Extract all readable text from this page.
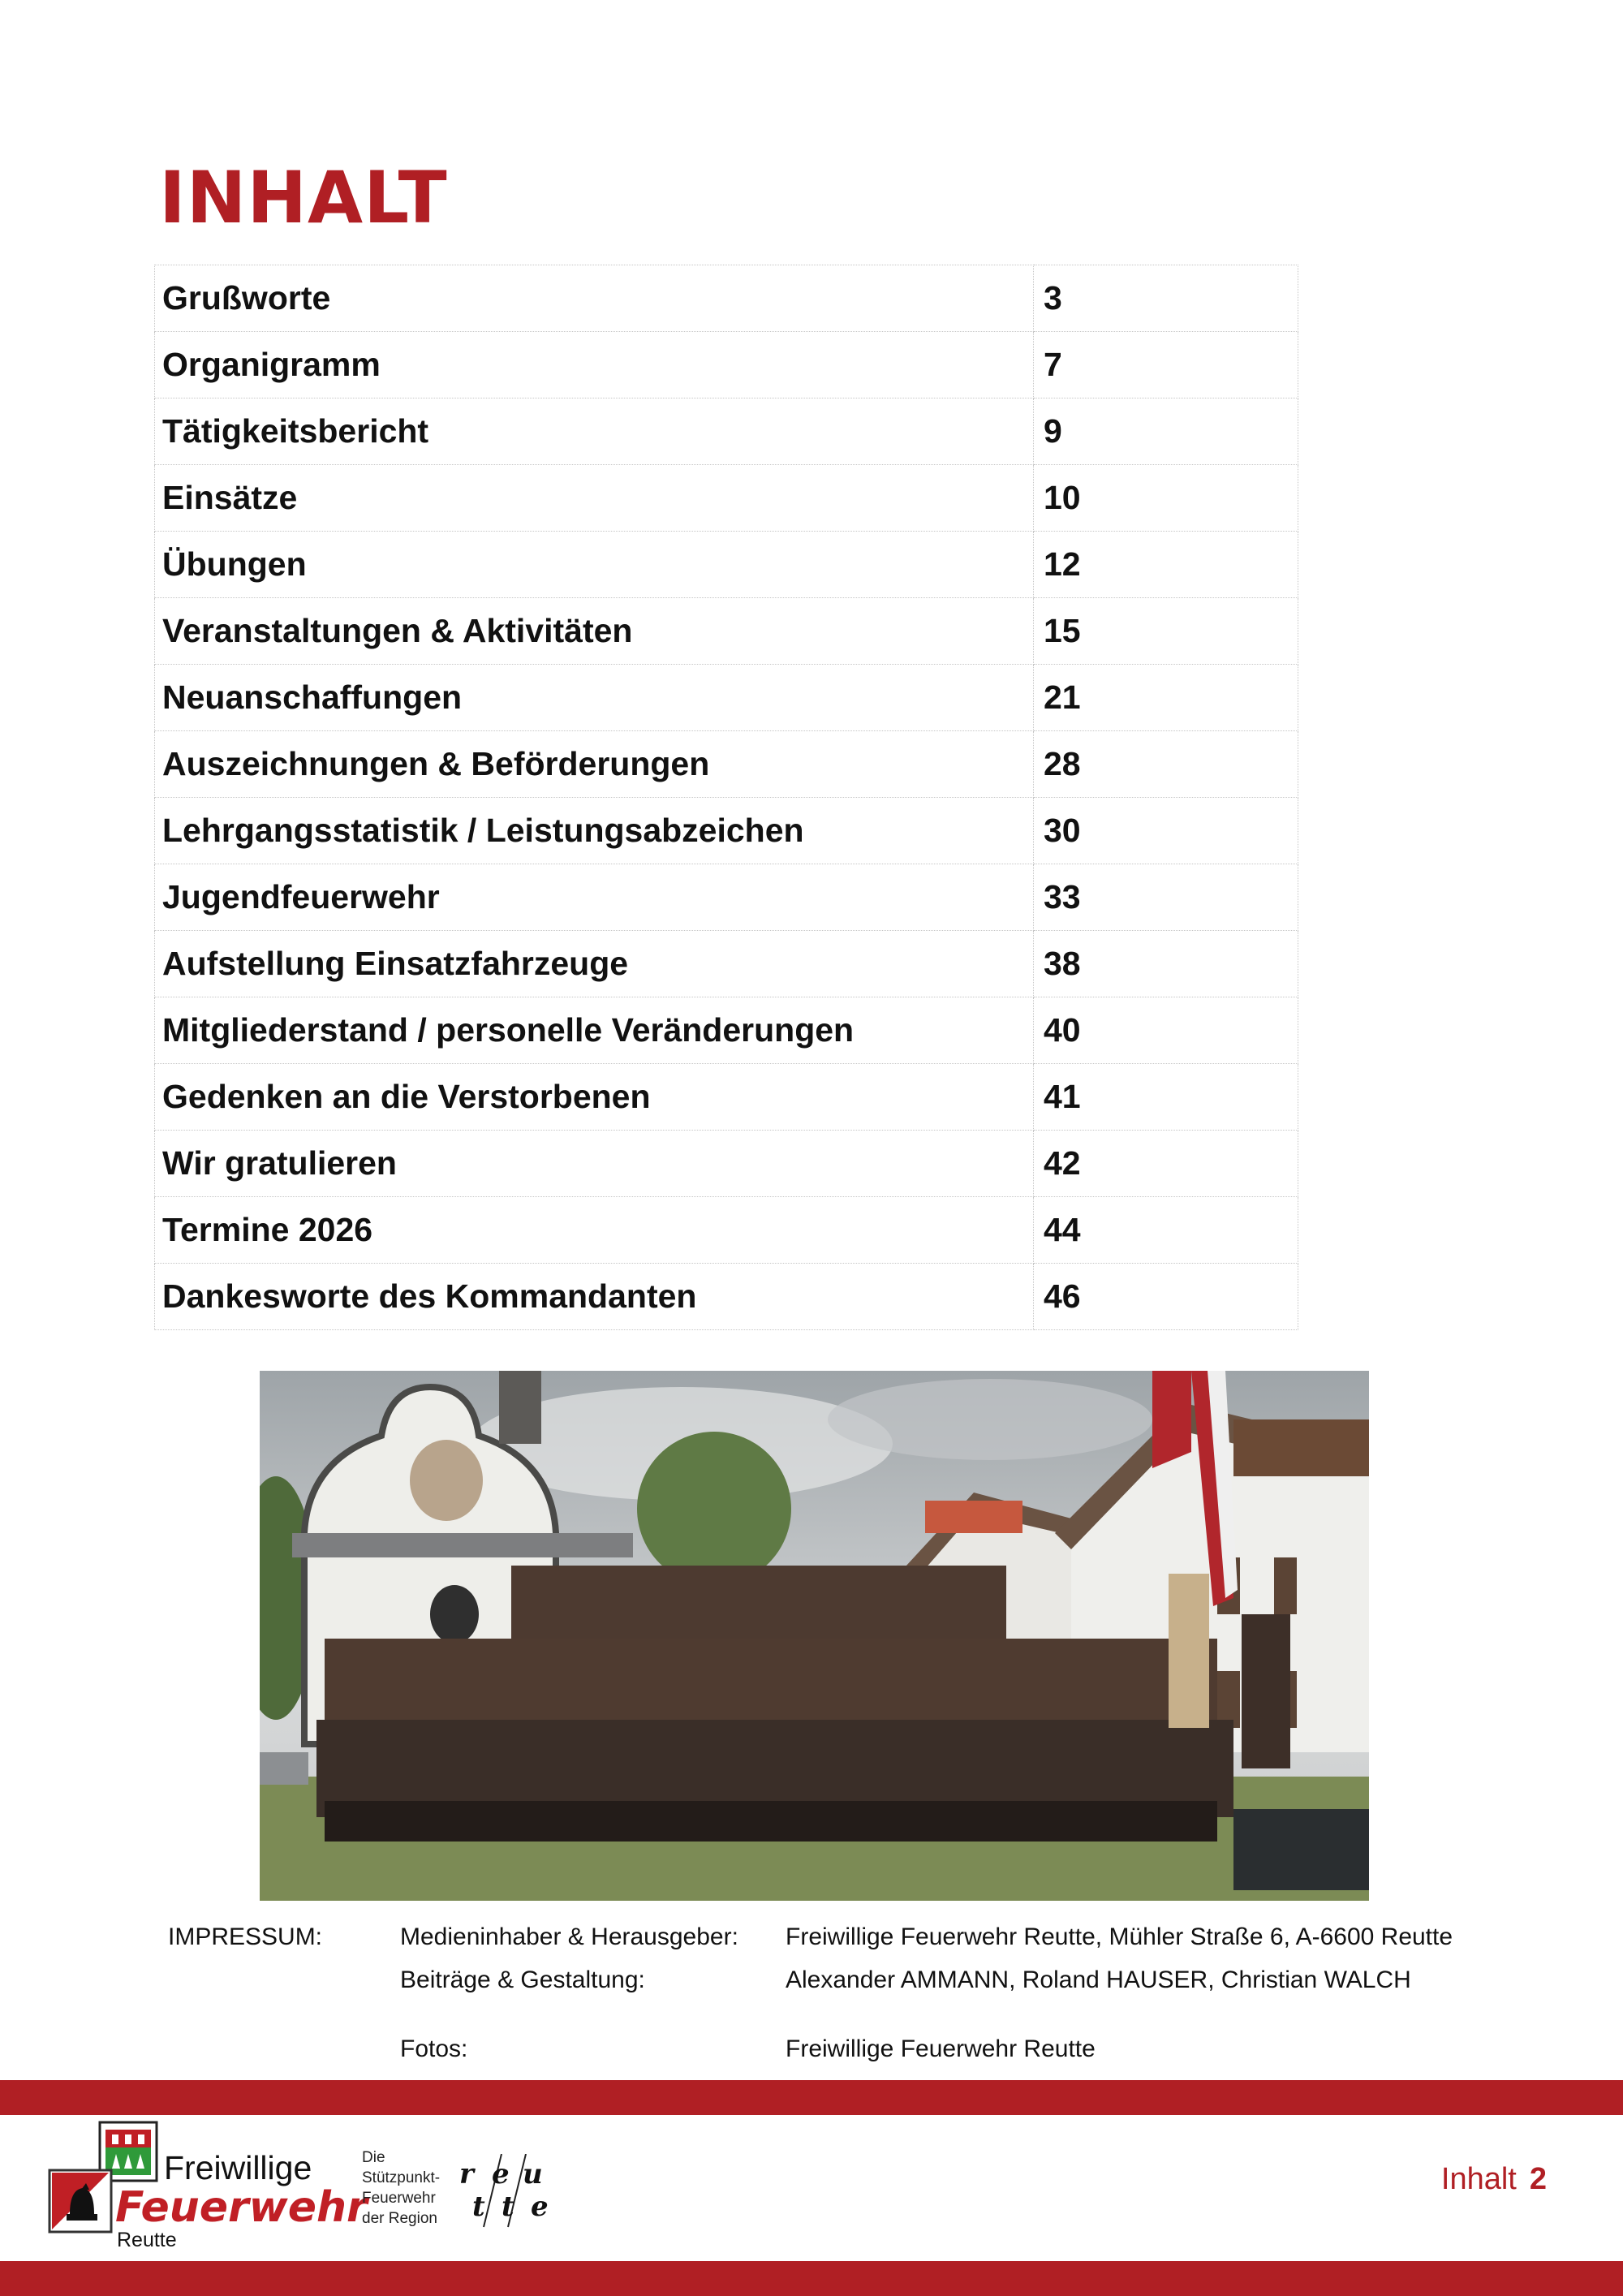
INHALT
Grußworte	3
Organigramm	7
Tätigkeitsbericht	9
Einsätze	10
Übungen	12
Veranstaltungen & Aktivitäten	15
Neuanschaffungen	21
Auszeichnungen & Beförderungen	28
Lehrgangsstatistik / Leistungsabzeichen	30
Jugendfeuerwehr	33
Aufstellung Einsatzfahrzeuge	38
Mitgliederstand / personelle Veränderungen	40
Gedenken an die Verstorbenen	41
Wir gratulieren	42
Termine 2026	44
Dankesworte des Kommandanten	46
IMPRESSUM:	Medieninhaber & Herausgeber: Freiwillige Feuerwehr Reutte, Mühler Straße 6, A-6600 Reutte
Beiträge & Gestaltung:	Alexander AMMANN, Roland HAUSER, Christian WALCH
Fotos:	Freiwillige Feuerwehr Reutte
Freiwillige
Feuerwehr
Reutte
Die
Stützpunkt-
Feuerwehr
der Region
r e u
t t e
Inhalt 2
